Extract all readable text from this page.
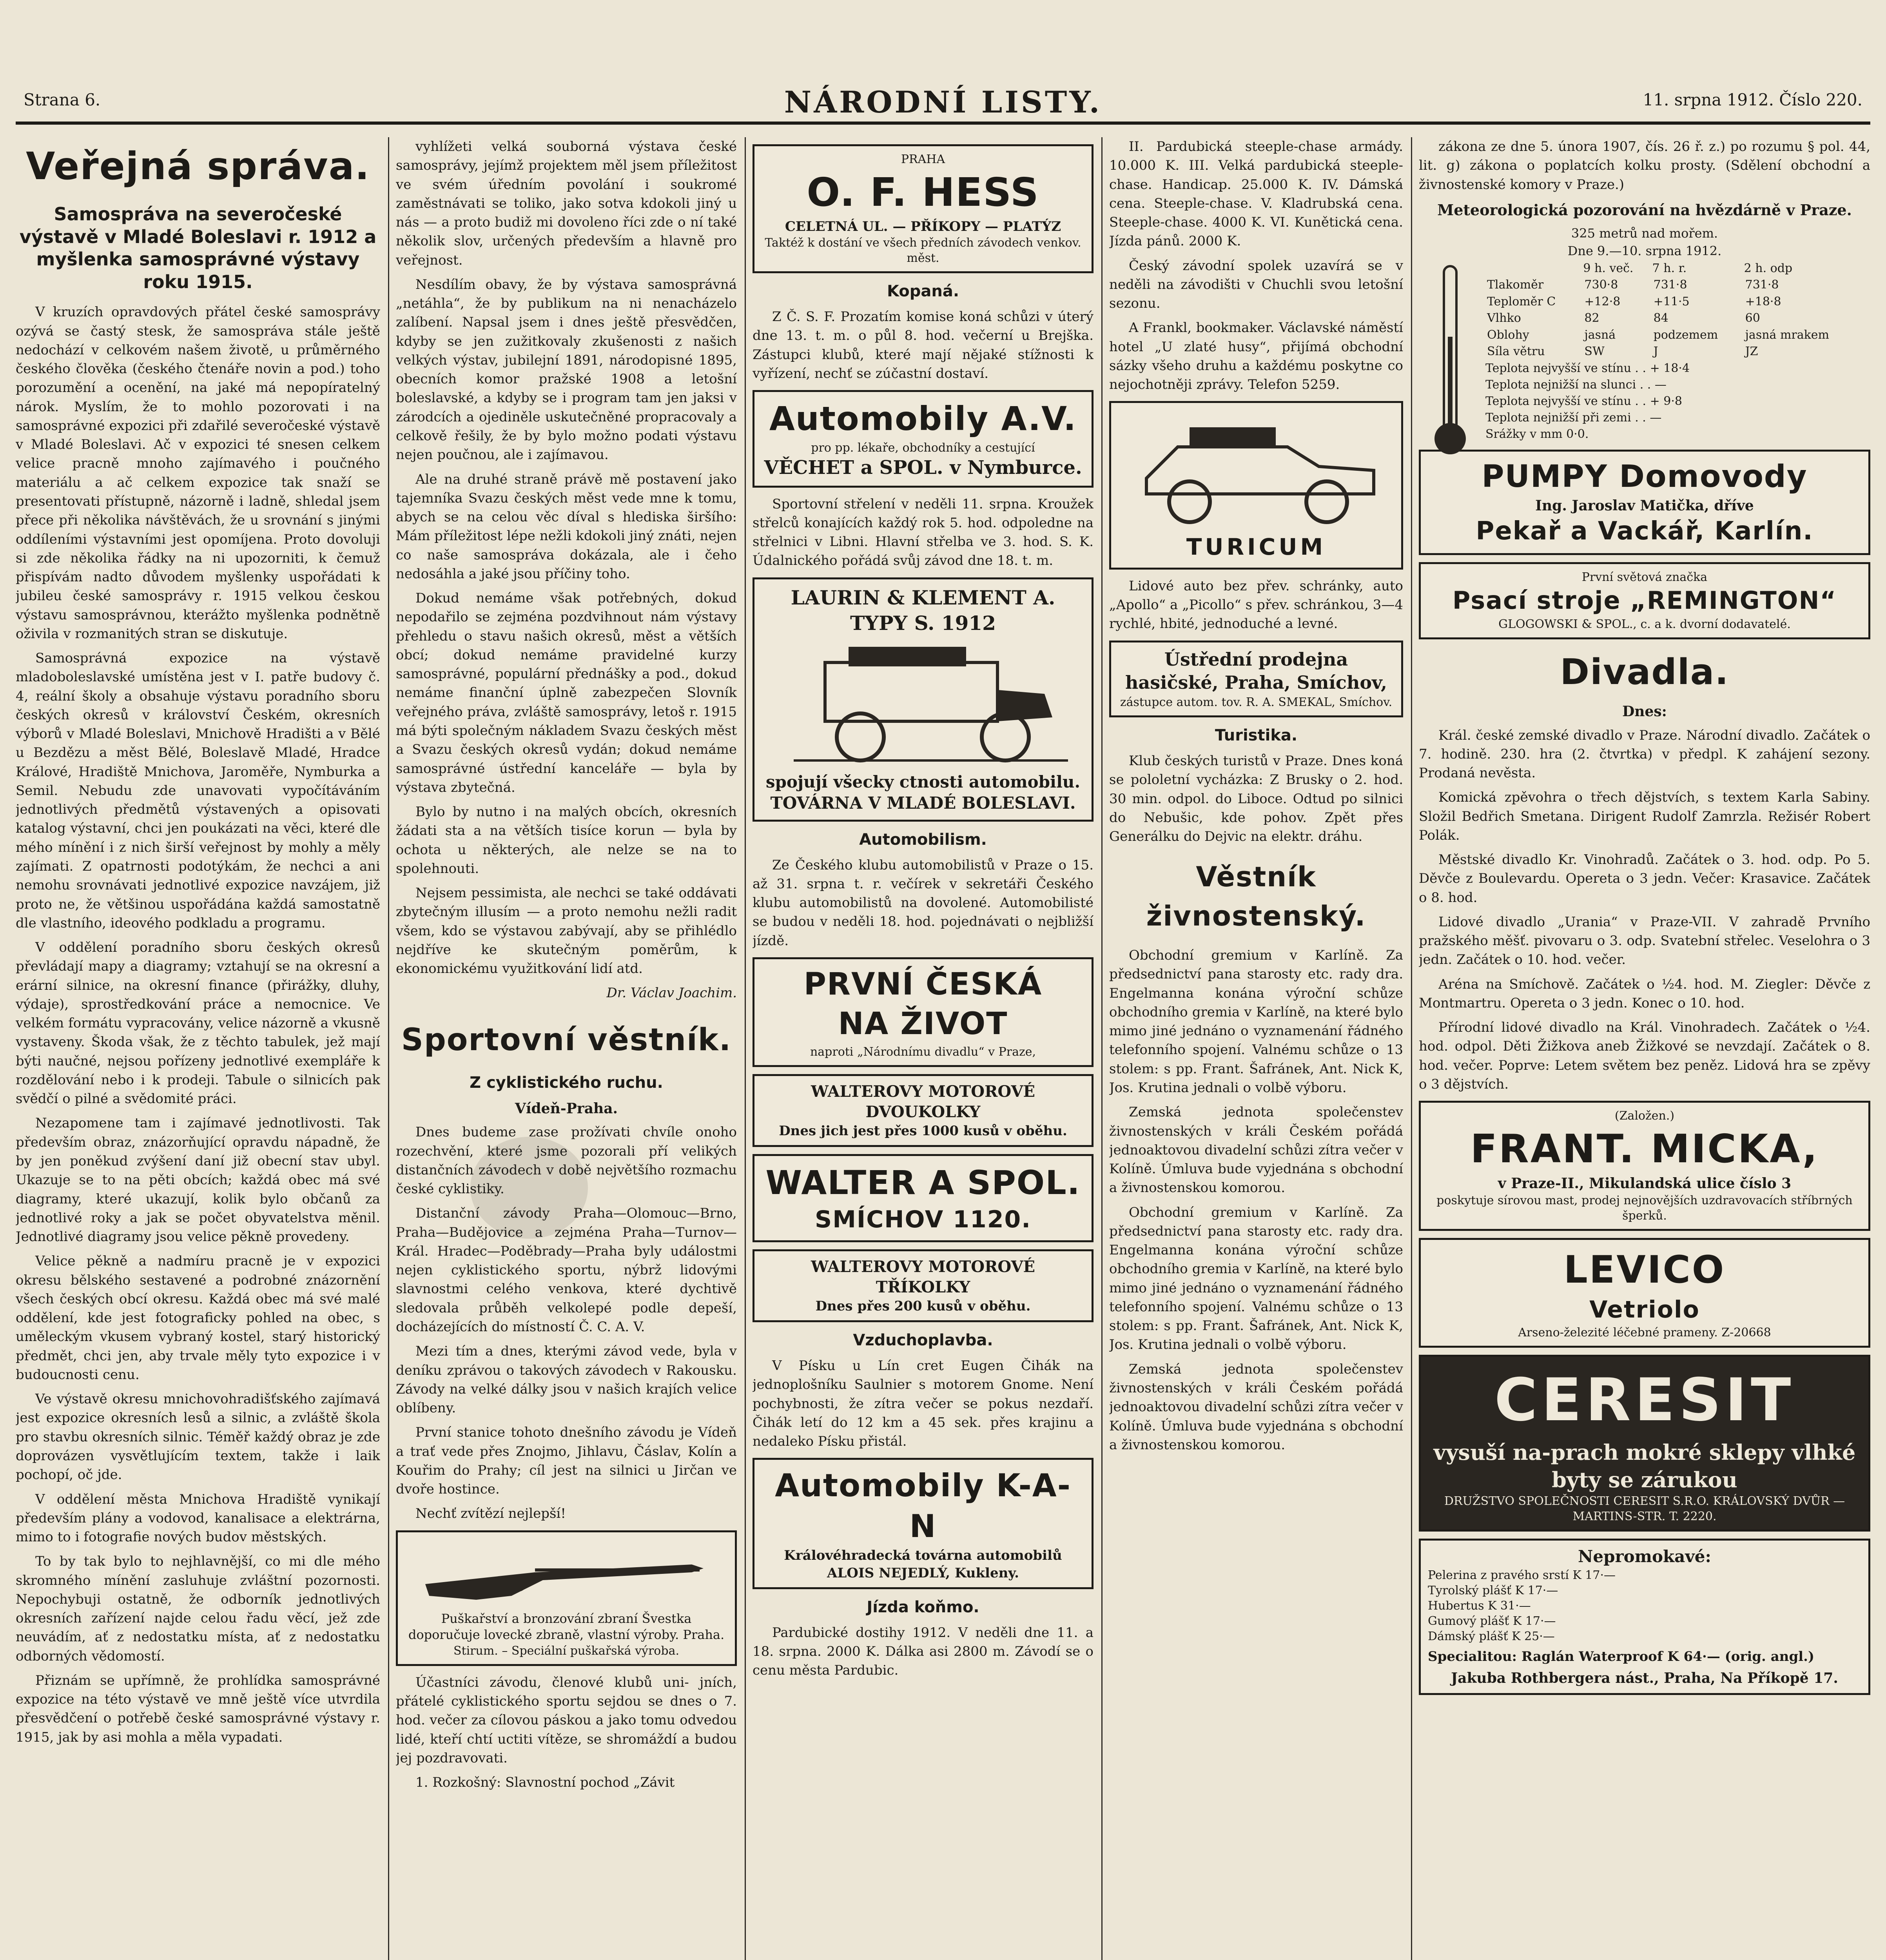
Strana 6.	NÁRODNÍ LISTY.	11. srpna 1912. Číslo 220.
Veřejná správa.
Samospráva na severočeské výstavě v Mladé Boleslavi r. 1912 a myšlenka samosprávné výstavy roku 1915.

V kruzích opravdových přátel české samosprávy ozývá se častý stesk, že samospráva stále ještě nedochází v celkovém našem životě, u průměrného českého člověka (českého čtenáře novin a pod.) toho porozumění a ocenění, na jaké má nepopíratelný nárok. Myslím, že to mohlo pozorovati i na samosprávné expozici při zdařilé severočeské výstavě v Mladé Boleslavi. Ač v expozici té snesen celkem velice pracně mnoho zajímavého i poučného materiálu a ač celkem expozice tak snaží se presentovati přístupně, názorně i ladně, shledal jsem přece při několika návštěvách, že u srovnání s jinými oddíleními výstavními jest opomíjena. Proto dovoluji si zde několika řádky na ni upozorniti, k čemuž přispívám nadto důvodem myšlenky uspořádati k jubileu české samosprávy r. 1915 velkou českou výstavu samosprávnou, kterážto myšlenka podnětně oživila v rozmanitých stran se diskutuje.

Samosprávná expozice na výstavě mladoboleslavské umístěna jest v I. patře budovy č. 4, reální školy a obsahuje výstavu poradního sboru českých okresů v království Českém, okresních výborů v Mladé Boleslavi, Mnichově Hradišti a v Bělé u Bezdězu a měst Bělé, Boleslavě Mladé, Hradce Králové, Hradiště Mnichova, Jaroměře, Nymburka a Semil. Nebudu zde unavovati vypočítáváním jednotlivých předmětů výstavených a opisovati katalog výstavní, chci jen poukázati na věci, které dle mého mínění i z nich širší veřejnost by mohly a měly zajímati. Z opatrnosti podotýkám, že nechci a ani nemohu srovnávati jednotlivé expozice navzájem, již proto ne, že většinou uspořádána každá samostatně dle vlastního, ideového podkladu a programu.

V oddělení poradního sboru českých okresů převládají mapy a diagramy; vztahují se na okresní a erární silnice, na okresní finance (přirážky, dluhy, výdaje), sprostředkování práce a nemocnice. Ve velkém formátu vypracovány, velice názorně a vkusně vystaveny. Škoda však, že z těchto tabulek, jež mají býti naučné, nejsou pořízeny jednotlivé exempláře k rozdělování nebo i k prodeji. Tabule o silnicích pak svědčí o pilné a svědomité práci.

Nezapomene tam i zajímavé jednotlivosti. Tak především obraz, znázorňující opravdu nápadně, že by jen poněkud zvýšení daní již obecní stav ubyl. Ukazuje se to na pěti obcích; každá obec má své diagramy, které ukazují, kolik bylo občanů za jednotlivé roky a jak se počet obyvatelstva měnil. Jednotlivé diagramy jsou velice pěkně provedeny.

Velice pěkně a nadmíru pracně je v expozici okresu bělského sestavené a podrobné znázornění všech českých obcí okresu. Každá obec má své malé oddělení, kde jest fotograficky pohled na obec, s uměleckým vkusem vybraný kostel, starý historický předmět, chci jen, aby trvale měly tyto expozice i v budoucnosti cenu.

Ve výstavě okresu mnichovohradišťského zajímavá jest expozice okresních lesů a silnic, a zvláště škola pro stavbu okresních silnic. Téměř každý obraz je zde doprovázen vysvětlujícím textem, takže i laik pochopí, oč jde.

V oddělení města Mnichova Hradiště vynikají především plány a vodovod, kanalisace a elektrárna, mimo to i fotografie nových budov městských.

To by tak bylo to nejhlavnější, co mi dle mého skromného mínění zasluhuje zvláštní pozornosti. Nepochybuji ostatně, že odborník jednotlivých okresních zařízení najde celou řadu věcí, jež zde neuvádím, ať z nedostatku místa, ať z nedostatku odborných vědomostí.

Přiznám se upřímně, že prohlídka samosprávné expozice na této výstavě ve mně ještě více utvrdila přesvědčení o potřebě české samosprávné výstavy r. 1915, jak by asi mohla a měla vypadati.

vyhlížeti velká souborná výstava české samosprávy, jejímž projektem měl jsem příležitost ve svém úředním povolání i soukromé zaměstnávati se toliko, jako sotva kdokoli jiný u nás — a proto budiž mi dovoleno říci zde o ní také několik slov, určených především a hlavně pro veřejnost.

Nesdílím obavy, že by výstava samosprávná „netáhla“, že by publikum na ni nenacházelo zalíbení. Napsal jsem i dnes ještě přesvědčen, kdyby se jen zužitkovaly zkušenosti z našich velkých výstav, jubilejní 1891, národopisné 1895, obecních komor pražské 1908 a letošní boleslavské, a kdyby se i program tam jen jaksi v zárodcích a ojediněle uskutečněné propracovaly a celkově řešily, že by bylo možno podati výstavu nejen poučnou, ale i zajímavou.

Ale na druhé straně právě mě postavení jako tajemníka Svazu českých měst vede mne k tomu, abych se na celou věc díval s hlediska širšího: Mám příležitost lépe nežli kdokoli jiný znáti, nejen co naše samospráva dokázala, ale i čeho nedosáhla a jaké jsou příčiny toho.

Dokud nemáme však potřebných, dokud nepodařilo se zejména pozdvihnout nám výstavy přehledu o stavu našich okresů, měst a větších obcí; dokud nemáme pravidelné kurzy samosprávné, populární přednášky a pod., dokud nemáme finanční úplně zabezpečen Slovník veřejného práva, zvláště samosprávy, letoš r. 1915 má býti společným nákladem Svazu českých měst a Svazu českých okresů vydán; dokud nemáme samosprávné ústřední kanceláře — byla by výstava zbytečná.

Bylo by nutno i na malých obcích, okresních žádati sta a na větších tisíce korun — byla by ochota u některých, ale nelze se na to spolehnouti.

Nejsem pessimista, ale nechci se také oddávati zbytečným illusím — a proto nemohu nežli radit všem, kdo se výstavou zabývají, aby se přihlédlo nejdříve ke skutečným poměrům, k ekonomickému využitkování lidí atd.

Dr. Václav Joachim.
Sportovní věstník.
Z cyklistického ruchu.
Vídeň-Praha.

Dnes budeme zase prožívati chvíle onoho rozechvění, které jsme pozorali pří velikých distančních závodech v době největšího rozmachu české cyklistiky.

Distanční závody Praha—Olomouc—Brno, Praha—Budějovice a zejména Praha—Turnov—Král. Hradec—Poděbrady—Praha byly událostmi nejen cyklistického sportu, nýbrž lidovými slavnostmi celého venkova, které dychtivě sledovala průběh velkolepé podle depeší, docházejících do místností Č. C. A. V.

Mezi tím a dnes, kterými závod vede, byla v deníku zprávou o takových závodech v Rakousku. Závody na velké dálky jsou v našich krajích velice oblíbeny.

První stanice tohoto dnešního závodu je Vídeň a trať vede přes Znojmo, Jihlavu, Čáslav, Kolín a Kouřim do Prahy; cíl jest na silnici u Jirčan ve dvoře hostince.

Nechť zvítězí nejlepší!

Puškařství a bronzování zbraní Švestka doporučuje lovecké zbraně, vlastní výroby. Praha.
Stirum. – Speciální puškařská výroba.

Účastníci závodu, členové klubů uni- jních, přátelé cyklistického sportu sejdou se dnes o 7. hod. večer za cílovou páskou a jako tomu odvedou lidé, kteří chtí uctiti vítěze, se shromáždí a budou jej pozdravovati.

1. Rozkošný: Slavnostní pochod „Závit

PRAHA
O. F. HESS
CELETNÁ UL. — PŘÍKOPY — PLATÝZ
Taktéž k dostání ve všech předních závodech venkov. měst.
Kopaná.

Z Č. S. F. Prozatím komise koná schůzi v úterý dne 13. t. m. o půl 8. hod. večerní u Brejška. Zástupci klubů, které mají nějaké stížnosti k vyřízení, nechť se zúčastní dostaví.

Automobily A.V.
pro pp. lékaře, obchodníky a cestující
VĚCHET a SPOL. v Nymburce.

Sportovní střelení v neděli 11. srpna. Kroužek střelců konajících každý rok 5. hod. odpoledne na střelnici v Libni. Hlavní střelba ve 3. hod. S. K. Údalnického pořádá svůj závod dne 18. t. m.

LAURIN & KLEMENT A. TYPY S. 1912
spojují všecky ctnosti automobilu.
TOVÁRNA V MLADÉ BOLESLAVI.
Automobilism.

Ze Českého klubu automobilistů v Praze o 15. až 31. srpna t. r. večírek v sekretáři Českého klubu automobilistů na dovolené. Automobilisté se budou v neděli 18. hod. pojednávati o nejbližší jízdě.

PRVNÍ ČESKÁ
NA ŽIVOT
naproti „Národnímu divadlu“ v Praze,
WALTEROVY MOTOROVÉ DVOUKOLKY
Dnes jich jest přes 1000 kusů v oběhu.
WALTER A SPOL.
SMÍCHOV 1120.
WALTEROVY MOTOROVÉ TŘÍKOLKY
Dnes přes 200 kusů v oběhu.
Vzduchoplavba.

V Písku u Lín cret Eugen Čihák na jednoplošníku Saulnier s motorem Gnome. Není pochybnosti, že zítra večer se pokus nezdaří. Čihák letí do 12 km a 45 sek. přes krajinu a nedaleko Písku přistál.

Automobily K-A-N
Královéhradecká továrna automobilů
ALOIS NEJEDLÝ, Kukleny.
Jízda koňmo.

Pardubické dostihy 1912. V neděli dne 11. a 18. srpna. 2000 K. Dálka asi 2800 m. Závodí se o cenu města Pardubic.

II. Pardubická steeple-chase armády. 10.000 K. III. Velká pardubická steeple-chase. Handicap. 25.000 K. IV. Dámská cena. Steeple-chase. V. Kladrubská cena. Steeple-chase. 4000 K. VI. Kunětická cena. Jízda pánů. 2000 K.

Český závodní spolek uzavírá se v neděli na závodišti v Chuchli svou letošní sezonu.

A Frankl, bookmaker. Václavské náměstí hotel „U zlaté husy“, přijímá obchodní sázky všeho druhu a každému poskytne co nejochotněji zprávy. Telefon 5259.

TURICUM

Lidové auto bez přev. schránky, auto „Apollo“ a „Picollo“ s přev. schránkou, 3—4 rychlé, hbité, jednoduché a levné.

Ústřední prodejna hasičské, Praha, Smíchov,
zástupce autom. tov. R. A. SMEKAL, Smíchov.
Turistika.

Klub českých turistů v Praze. Dnes koná se pololetní vycházka: Z Brusky o 2. hod. 30 min. odpol. do Liboce. Odtud po silnici do Nebušic, kde pohov. Zpět přes Generálku do Dejvic na elektr. dráhu.

Věstník živnostenský.

Obchodní gremium v Karlíně. Za předsednictví pana starosty etc. rady dra. Engelmanna konána výroční schůze obchodního gremia v Karlíně, na které bylo mimo jiné jednáno o vyznamenání řádného telefonního spojení. Valnému schůze o 13 stolem: s pp. Frant. Šafránek, Ant. Nick K, Jos. Krutina jednali o volbě výboru.

Zemská jednota společenstev živnostenských v králi Českém pořádá jednoaktovou divadelní schůzi zítra večer v Kolíně. Úmluva bude vyjednána s obchodní a živnostenskou komorou.

Obchodní gremium v Karlíně. Za předsednictví pana starosty etc. rady dra. Engelmanna konána výroční schůze obchodního gremia v Karlíně, na které bylo mimo jiné jednáno o vyznamenání řádného telefonního spojení. Valnému schůze o 13 stolem: s pp. Frant. Šafránek, Ant. Nick K, Jos. Krutina jednali o volbě výboru.

Zemská jednota společenstev živnostenských v králi Českém pořádá jednoaktovou divadelní schůzi zítra večer v Kolíně. Úmluva bude vyjednána s obchodní a živnostenskou komorou.

zákona ze dne 5. února 1907, čís. 26 ř. z.) po rozumu § pol. 44, lit. g) zákona o poplatcích kolku prosty. (Sdělení obchodní a živnostenské komory v Praze.)

Meteorologická pozorování na hvězdárně v Praze.
325 metrů nad mořem.
Dne 9.—10. srpna 1912.
	9 h. več.	7 h. r.	2 h. odp
Tlakoměr	730·8	731·8	731·8
Teploměr C	+12·8	+11·5	+18·8
Vlhko	82	84	60
Oblohy	jasná	podzemem	jasná mrakem
Síla větru	SW	J	JZ
Teplota nejvyšší ve stínu . . + 18·4
Teplota nejnižší na slunci . . —
Teplota nejvyšší ve stínu . . + 9·8
Teplota nejnižší při zemi . . —
Srážky v mm 0·0.
PUMPY Domovody
Ing. Jaroslav Matička, dříve
Pekař a Vackář, Karlín.
První světová značka
Psací stroje „REMINGTON“
GLOGOWSKI & SPOL., c. a k. dvorní dodavatelé.
Divadla.
Dnes:

Král. české zemské divadlo v Praze. Národní divadlo. Začátek o 7. hodině. 230. hra (2. čtvrtka) v předpl. K zahájení sezony. Prodaná nevěsta.

Komická zpěvohra o třech dějstvích, s textem Karla Sabiny. Složil Bedřich Smetana. Dirigent Rudolf Zamrzla. Režisér Robert Polák.

Městské divadlo Kr. Vinohradů. Začátek o 3. hod. odp. Po 5. Děvče z Boulevardu. Opereta o 3 jedn. Večer: Krasavice. Začátek o 8. hod.

Lidové divadlo „Urania“ v Praze-VII. V zahradě Prvního pražského měšť. pivovaru o 3. odp. Svatební střelec. Veselohra o 3 jedn. Začátek o 10. hod. večer.

Aréna na Smíchově. Začátek o ½4. hod. M. Ziegler: Děvče z Montmartru. Opereta o 3 jedn. Konec o 10. hod.

Přírodní lidové divadlo na Král. Vinohradech. Začátek o ½4. hod. odpol. Děti Žižkova aneb Žižkové se nevzdají. Začátek o 8. hod. večer. Poprve: Letem světem bez peněz. Lidová hra se zpěvy o 3 dějstvích.

(Založen.)
FRANT. MICKA,
v Praze-II., Mikulandská ulice číslo 3
poskytuje sírovou mast, prodej nejnovějších uzdravovacích stříbrných šperků.
LEVICO
Vetriolo
Arseno-železité léčebné prameny. Z-20668
CERESIT
vysuší na-prach mokré sklepy vlhké byty se zárukou
DRUŽSTVO SPOLEČNOSTI CERESIT S.R.O. KRÁLOVSKÝ DVŮR — MARTINS-STR. T. 2220.
Nepromokavé:
Pelerina z pravého srstí K 17·—
Tyrolský plášť K 17·—
Hubertus K 31·—
Gumový plášť K 17·—
Dámský plášť K 25·—
Specialitou: Raglán Waterproof K 64·— (orig. angl.)
Jakuba Rothbergera nást., Praha, Na Příkopě 17.
